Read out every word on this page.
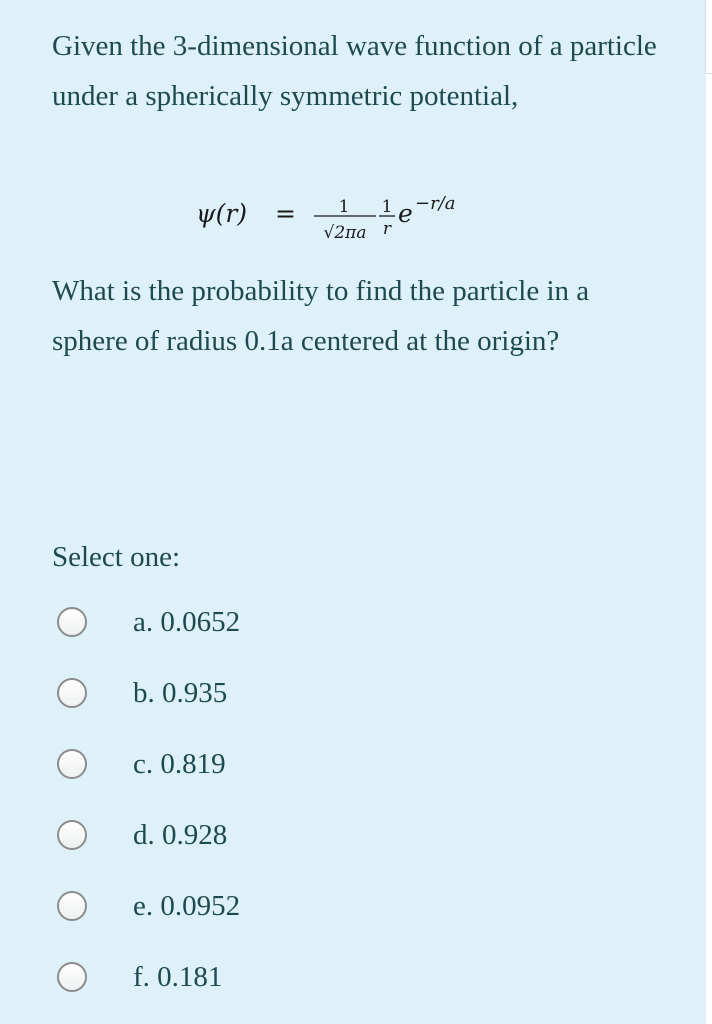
Given the 3-dimensional wave function of a particle under a spherically symmetric potential,

ψ(r) =	1
√2πa
1
r
e −r/a

What is the probability to find the particle in a sphere of radius 0.1a centered at the origin?

Select one:

a. 0.0652
b. 0.935
c. 0.819
d. 0.928
e. 0.0952
f. 0.181
